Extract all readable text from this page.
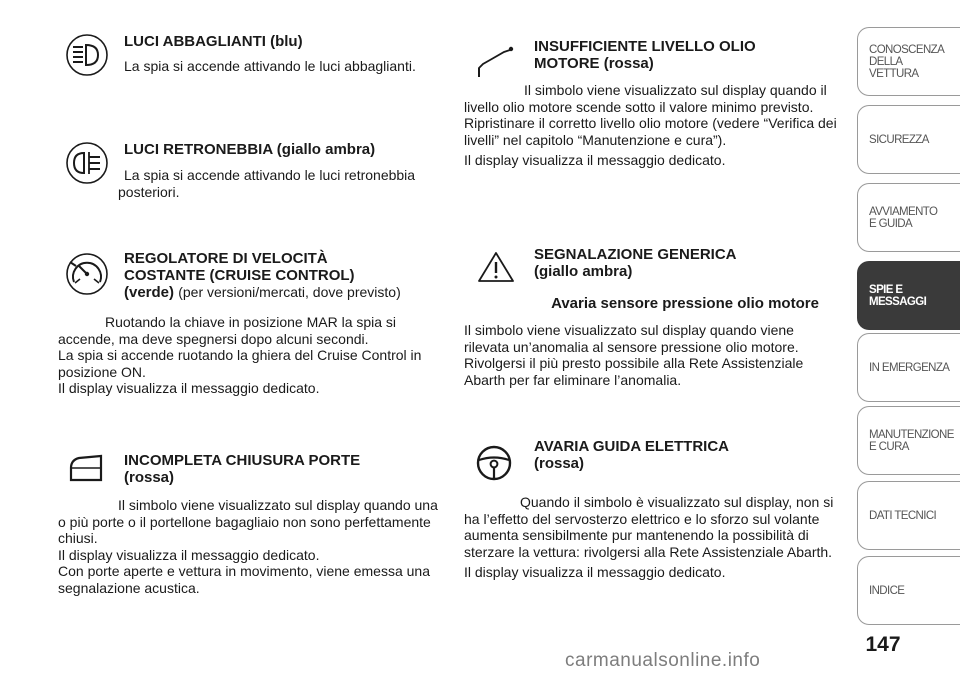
LUCI ABBAGLIANTI (blu)

La spia si accende attivando le luci abbaglianti.

LUCI RETRONEBBIA (giallo ambra)

La spia si accende attivando le luci retronebbia posteriori.

REGOLATORE DI VELOCITÀ

COSTANTE (CRUISE CONTROL)

(verde) (per versioni/mercati, dove previsto)

Ruotando la chiave in posizione MAR la spia si accende, ma deve spegnersi dopo alcuni secondi.

La spia si accende ruotando la ghiera del Cruise Control in posizione ON.

Il display visualizza il messaggio dedicato.

INCOMPLETA CHIUSURA PORTE

(rossa)

Il simbolo viene visualizzato sul display quando una o più porte o il portellone bagagliaio non sono perfettamente chiusi.

Il display visualizza il messaggio dedicato.

Con porte aperte e vettura in movimento, viene emessa una segnalazione acustica.

INSUFFICIENTE LIVELLO OLIO

MOTORE (rossa)

Il simbolo viene visualizzato sul display quando il livello olio motore scende sotto il valore minimo previsto. Ripristinare il corretto livello olio motore (vedere “Verifica dei livelli” nel capitolo “Manutenzione e cura”).

Il display visualizza il messaggio dedicato.

SEGNALAZIONE GENERICA

(giallo ambra)

Avaria sensore pressione olio motore

Il simbolo viene visualizzato sul display quando viene rilevata un’anomalia al sensore pressione olio motore. Rivolgersi il più presto possibile alla Rete Assistenziale Abarth per far eliminare l’anomalia.

AVARIA GUIDA ELETTRICA

(rossa)

Quando il simbolo è visualizzato sul display, non si ha l’effetto del servosterzo elettrico e lo sforzo sul volante aumenta sensibilmente pur mantenendo la possibilità di sterzare la vettura: rivolgersi alla Rete Assistenziale Abarth.

Il display visualizza il messaggio dedicato.

CONOSCENZA
DELLA
VETTURA
SICUREZZA
AVVIAMENTO
E GUIDA
SPIE E
MESSAGGI
IN EMERGENZA
MANUTENZIONE
E CURA
DATI TECNICI
INDICE
147
carmanualsonline.info
